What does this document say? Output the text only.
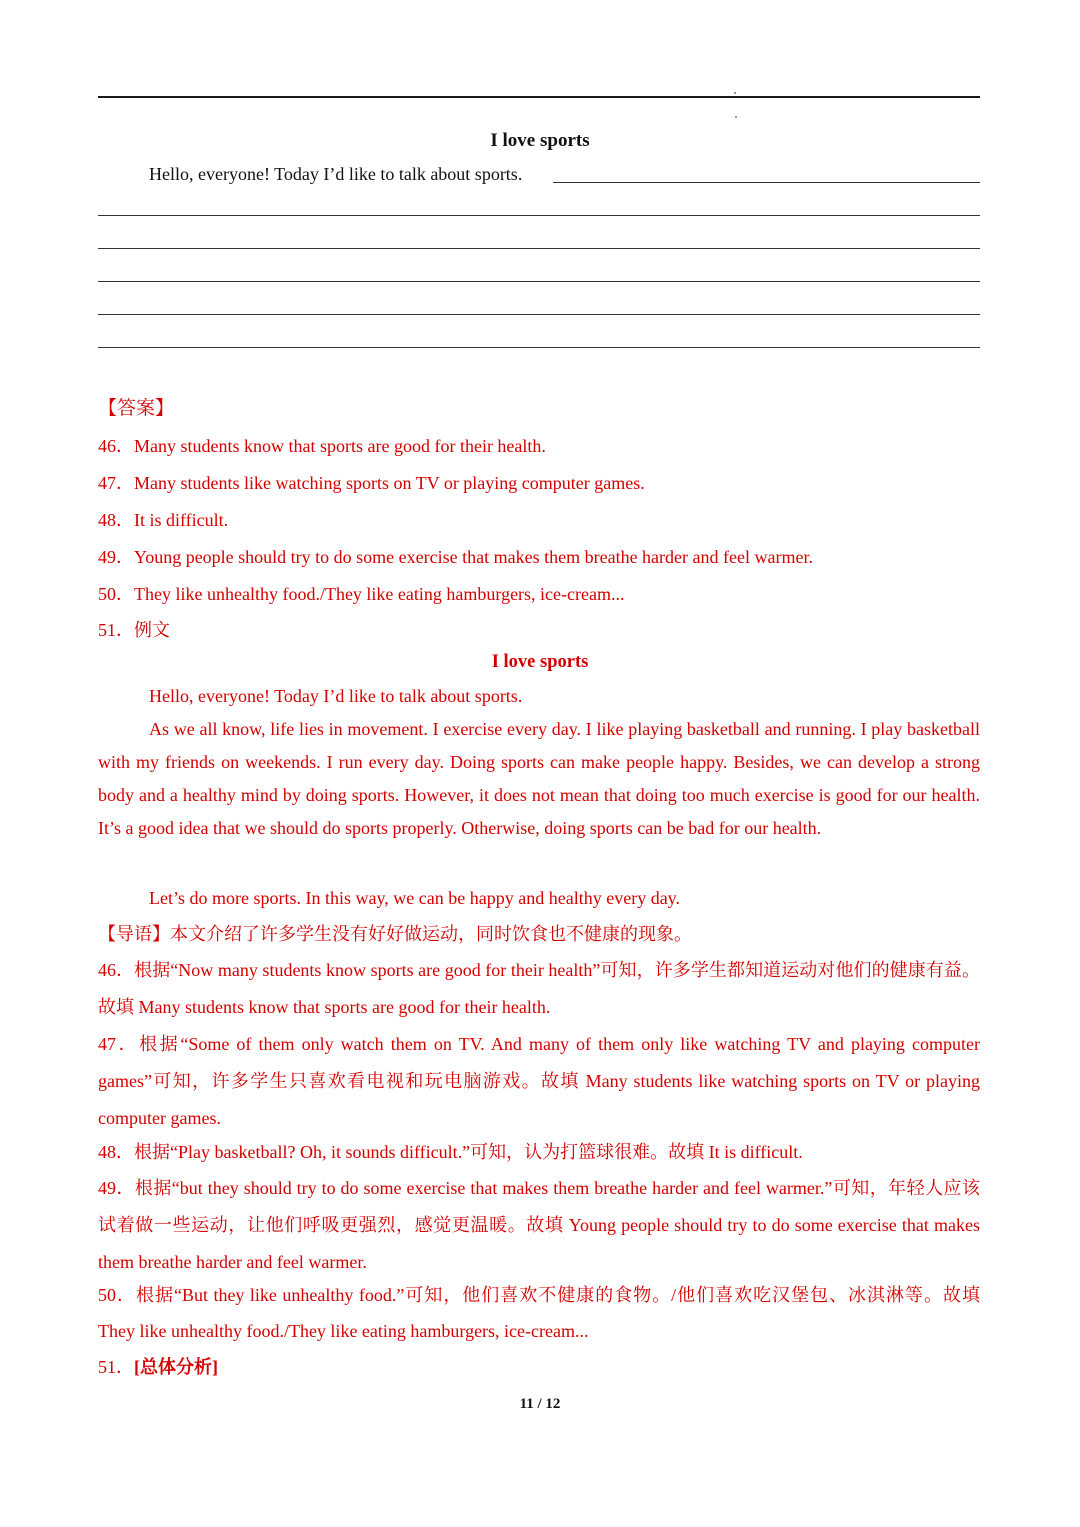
I love sports
Hello, everyone! Today I’d like to talk about sports.
【答案】
46．Many students know that sports are good for their health.
47．Many students like watching sports on TV or playing computer games.
48．It is difficult.
49．Young people should try to do some exercise that makes them breathe harder and feel warmer.
50．They like unhealthy food./They like eating hamburgers, ice-cream...
51．例文
I love sports
Hello, everyone! Today I’d like to talk about sports.
As we all know, life lies in movement. I exercise every day. I like playing basketball and running. I play basketball with my friends on weekends. I run every day. Doing sports can make people happy. Besides, we can develop a strong body and a healthy mind by doing sports. However, it does not mean that doing too much exercise is good for our health. It’s a good idea that we should do sports properly. Otherwise, doing sports can be bad for our health.
Let’s do more sports. In this way, we can be happy and healthy every day.
【导语】本文介绍了许多学生没有好好做运动，同时饮食也不健康的现象。
46．根据“Now many students know sports are good for their health”可知，许多学生都知道运动对他们的健康有益。故填 Many students know that sports are good for their health.
47．根据“Some of them only watch them on TV. And many of them only like watching TV and playing computer games”可知，许多学生只喜欢看电视和玩电脑游戏。故填 Many students like watching sports on TV or playing computer games.
48．根据“Play basketball? Oh, it sounds difficult.”可知，认为打篮球很难。故填 It is difficult.
49．根据“but they should try to do some exercise that makes them breathe harder and feel warmer.”可知，年轻人应该试着做一些运动，让他们呼吸更强烈，感觉更温暖。故填 Young people should try to do some exercise that makes them breathe harder and feel warmer.
50．根据“But they like unhealthy food.”可知，他们喜欢不健康的食物。/他们喜欢吃汉堡包、冰淇淋等。故填 They like unhealthy food./They like eating hamburgers, ice-cream...
51．[总体分析]
11 / 12
